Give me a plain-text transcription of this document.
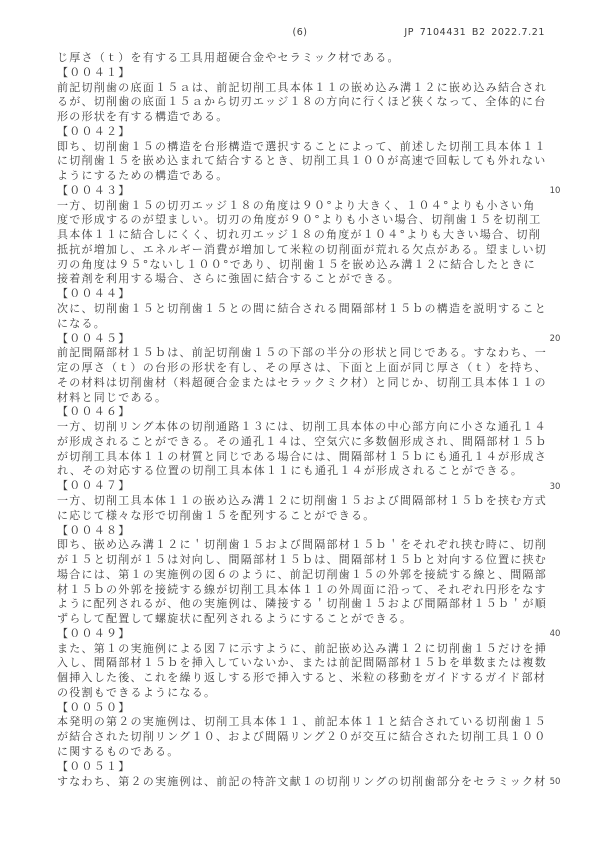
(6)	JP 7104431 B2 2022.7.21
じ厚さ（ｔ）を有する工具用超硬合金やセラミック材である。
【００４１】
前記切削歯の底面１５ａは、前記切削工具本体１１の嵌め込み溝１２に嵌め込み結合され
るが、切削歯の底面１５ａから切刃エッジ１８の方向に行くほど狭くなって、全体的に台
形の形状を有する構造である。
【００４２】
即ち、切削歯１５の構造を台形構造で選択することによって、前述した切削工具本体１１
に切削歯１５を嵌め込まれて結合するとき、切削工具１００が高速で回転しても外れない
ようにするための構造である。
【００４３】
一方、切削歯１５の切刃エッジ１８の角度は９０°より大きく、１０４°よりも小さい角
度で形成するのが望ましい。切刃の角度が９０°よりも小さい場合、切削歯１５を切削工
具本体１１に結合しにくく、切れ刃エッジ１８の角度が１０４°よりも大きい場合、切削
抵抗が増加し、エネルギー消費が増加して米粒の切削面が荒れる欠点がある。望ましい切
刃の角度は９５°ないし１００°であり、切削歯１５を嵌め込み溝１２に結合したときに
接着剤を利用する場合、さらに強固に結合することができる。
【００４４】
次に、切削歯１５と切削歯１５との間に結合される間隔部材１５ｂの構造を説明すること
になる。
【００４５】
前記間隔部材１５ｂは、前記切削歯１５の下部の半分の形状と同じである。すなわち、一
定の厚さ（ｔ）の台形の形状を有し、その厚さは、下面と上面が同じ厚さ（ｔ）を持ち、
その材料は切削歯材（料超硬合金またはセラックミク材）と同じか、切削工具本体１１の
材料と同じである。
【００４６】
一方、切削リング本体の切削通路１３には、切削工具本体の中心部方向に小さな通孔１４
が形成されることができる。その通孔１４は、空気穴に多数個形成され、間隔部材１５ｂ
が切削工具本体１１の材質と同じである場合には、間隔部材１５ｂにも通孔１４が形成さ
れ、その対応する位置の切削工具本体１１にも通孔１４が形成されることができる。
【００４７】
一方、切削工具本体１１の嵌め込み溝１２に切削歯１５および間隔部材１５ｂを挟む方式
に応じて様々な形で切削歯１５を配列することができる。
【００４８】
即ち、嵌め込み溝１２に＇切削歯１５および間隔部材１５ｂ＇をそれぞれ挟む時に、切削
が１５と切削が１５は対向し、間隔部材１５ｂは、間隔部材１５ｂと対向する位置に挟む
場合には、第１の実施例の図６のように、前記切削歯１５の外郭を接続する線と、間隔部
材１５ｂの外郭を接続する線が切削工具本体１１の外周面に沿って、それぞれ円形をなす
ように配列されるが、他の実施例は、隣接する＇切削歯１５および間隔部材１５ｂ＇が順
ずらして配置して螺旋状に配列されるようにすることができる。
【００４９】
また、第１の実施例による図７に示すように、前記嵌め込み溝１２に切削歯１５だけを挿
入し、間隔部材１５ｂを挿入していないか、または前記間隔部材１５ｂを単数または複数
個挿入した後、これを繰り返しする形で挿入すると、米粒の移動をガイドするガイド部材
の役割もできるようになる。
【００５０】
本発明の第２の実施例は、切削工具本体１１、前記本体１１と結合されている切削歯１５
が結合された切削リング１０、および間隔リング２０が交互に結合された切削工具１００
に関するものである。
【００５１】
すなわち、第２の実施例は、前記の特許文献１の切削リングの切削歯部分をセラミック材
10
20
30
40
50
